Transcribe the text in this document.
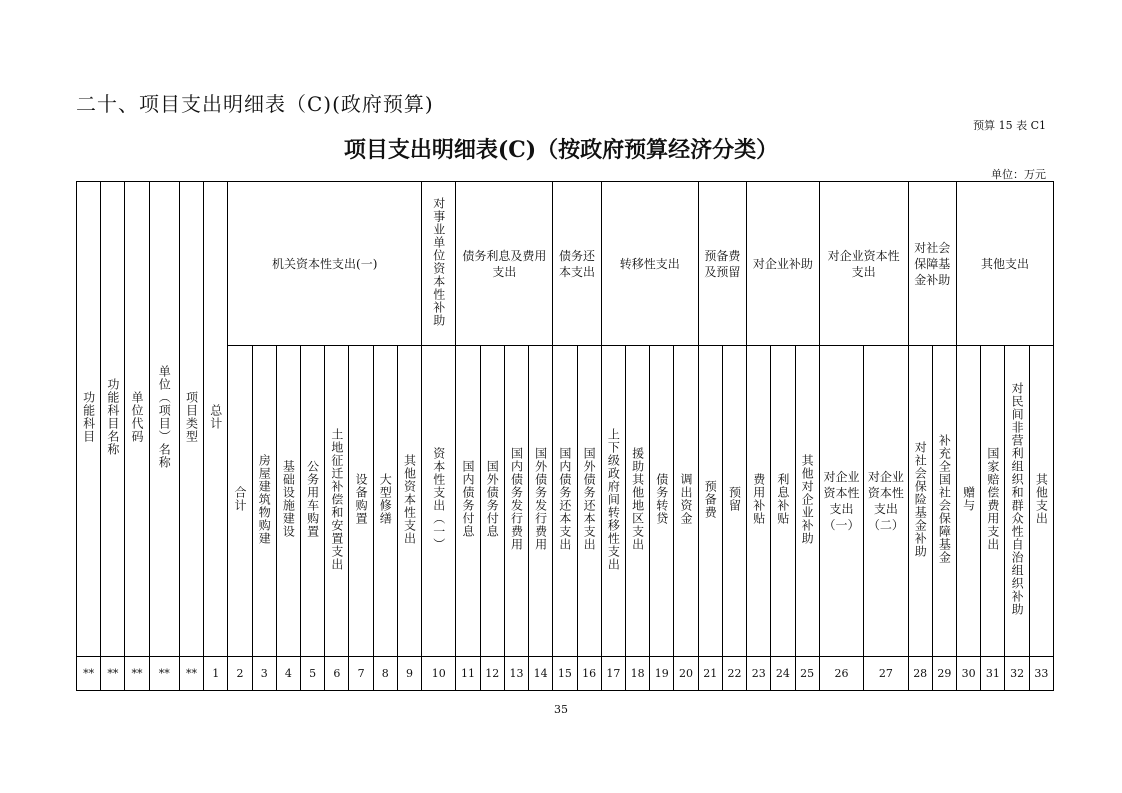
二十、项目支出明细表（C)(政府预算)
预算 15 表 C1
项目支出明细表(C)（按政府预算经济分类）
单位：万元
功能科目	功能科目名称	单位代码	单位（项目）名称	项目类型	总计	机关资本性支出(一)								对事业单位资本性补助	债务利息及费用支出				债务还本支出		转移性支出				预备费及预留		对企业补助			对企业资本性支出		对社会保障基金补助		其他支出			

						合计	房屋建筑物购建	基础设施建设	公务用车购置	土地征迁补偿和安置支出	设备购置	大型修缮	其他资本性支出	资本性支出（一）	国内债务付息	国外债务付息	国内债务发行费用	国外债务发行费用	国内债务还本支出	国外债务还本支出	上下级政府间转移性支出	援助其他地区支出	债务转贷	调出资金	预备费	预留	费用补贴	利息补贴	其他对企业补助	对企业资本性支出（一）	对企业资本性支出（二）	对社会保险基金补助	补充全国社会保障基金	赠与	国家赔偿费用支出	对民间非营利组织和群众性自治组织补助	其他支出
**	**	**	**	**	1	2	3	4	5	6	7	8	9	10	11	12	13	14	15	16	17	18	19	20	21	22	23	24	25	26	27	28	29	30	31	32	33
35
